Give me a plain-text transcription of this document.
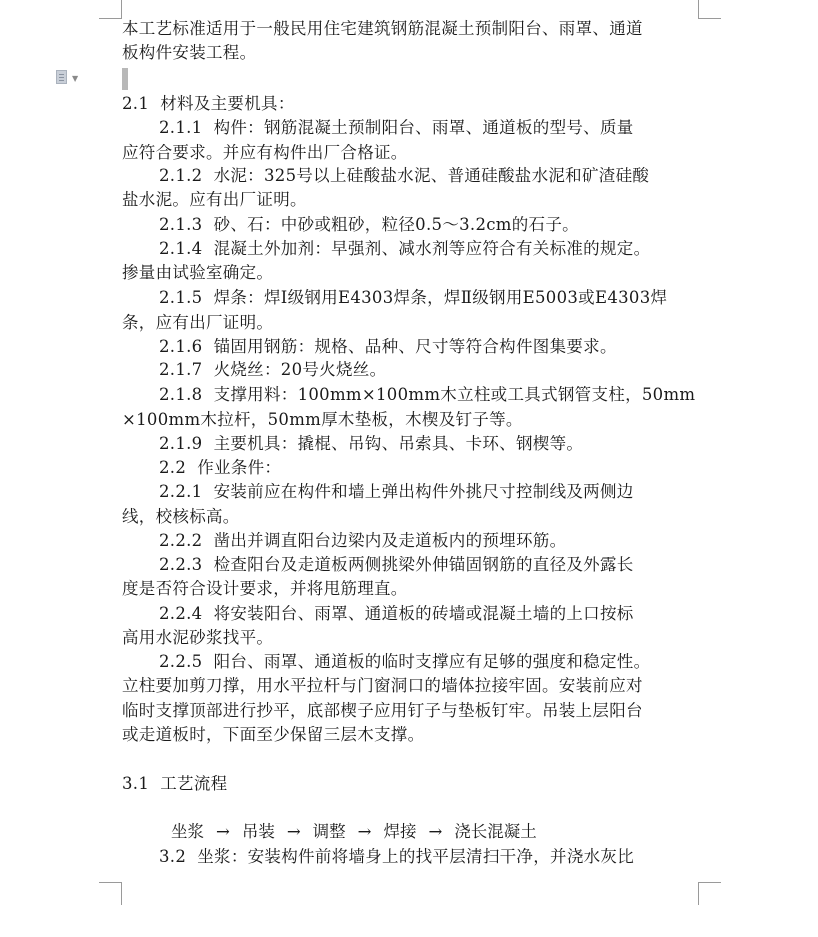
▼
本工艺标准适用于一般民用住宅建筑钢筋混凝土预制阳台、雨罩、通道
板构件安装工程。
2.1  材料及主要机具：
2.1.1  构件：钢筋混凝土预制阳台、雨罩、通道板的型号、质量
应符合要求。并应有构件出厂合格证。
2.1.2  水泥：325号以上硅酸盐水泥、普通硅酸盐水泥和矿渣硅酸
盐水泥。应有出厂证明。
2.1.3  砂、石：中砂或粗砂，粒径0.5～3.2cm的石子。
2.1.4  混凝土外加剂：早强剂、减水剂等应符合有关标准的规定。
掺量由试验室确定。
2.1.5  焊条：焊Ⅰ级钢用E4303焊条，焊Ⅱ级钢用E5003或E4303焊
条，应有出厂证明。
2.1.6  锚固用钢筋：规格、品种、尺寸等符合构件图集要求。
2.1.7  火烧丝：20号火烧丝。
2.1.8  支撑用料：100mm×100mm木立柱或工具式钢管支柱，50mm
×100mm木拉杆，50mm厚木垫板，木楔及钉子等。
2.1.9  主要机具：撬棍、吊钩、吊索具、卡环、钢楔等。
2.2  作业条件：
2.2.1  安装前应在构件和墙上弹出构件外挑尺寸控制线及两侧边
线，校核标高。
2.2.2  凿出并调直阳台边梁内及走道板内的预埋环筋。
2.2.3  检查阳台及走道板两侧挑梁外伸锚固钢筋的直径及外露长
度是否符合设计要求，并将甩筋理直。
2.2.4  将安装阳台、雨罩、通道板的砖墙或混凝土墙的上口按标
高用水泥砂浆找平。
2.2.5  阳台、雨罩、通道板的临时支撑应有足够的强度和稳定性。
立柱要加剪刀撑，用水平拉杆与门窗洞口的墙体拉接牢固。安装前应对
临时支撑顶部进行抄平，底部楔子应用钉子与垫板钉牢。吊装上层阳台
或走道板时，下面至少保留三层木支撑。
3.1  工艺流程

坐浆 → 吊装 → 调整 → 焊接 → 浇长混凝土

3.2  坐浆：安装构件前将墙身上的找平层清扫干净，并浇水灰比
